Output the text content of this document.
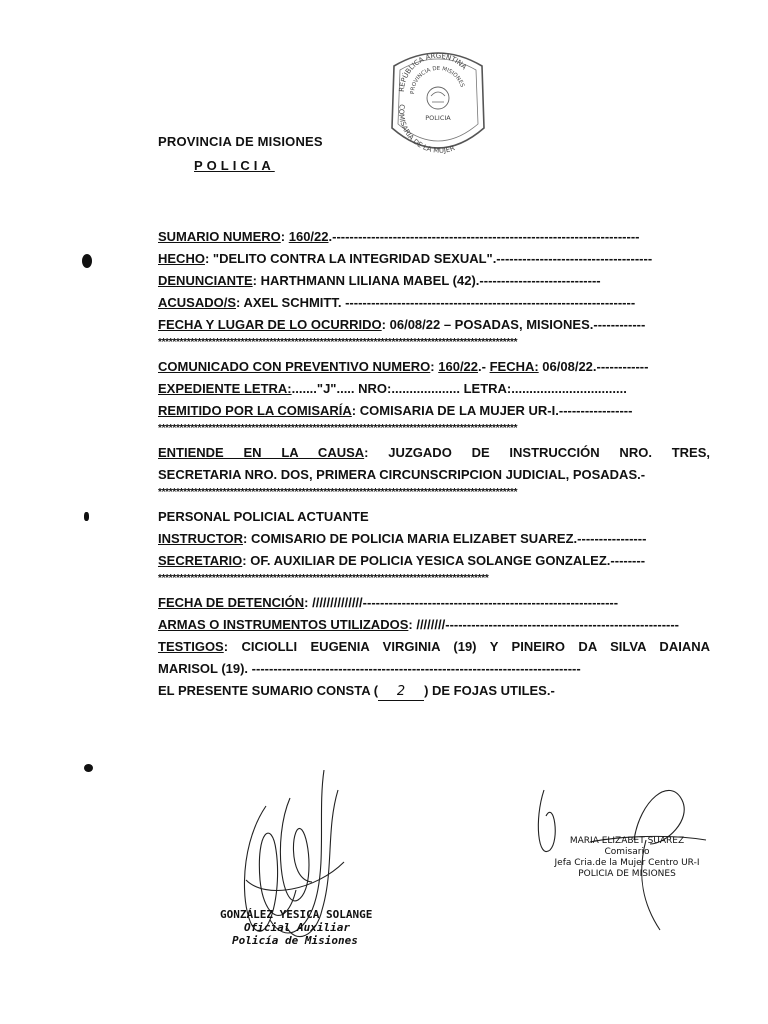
REPÚBLICA ARGENTINA
PROVINCIA DE MISIONES
POLICIA
COMISARIA DE LA MUJER
PROVINCIA DE MISIONES
POLICIA
SUMARIO NUMERO: 160/22.-----------------------------------------------------------------------
HECHO: "DELITO CONTRA LA INTEGRIDAD SEXUAL".------------------------------------
DENUNCIANTE: HARTHMANN LILIANA MABEL (42).----------------------------
ACUSADO/S: AXEL SCHMITT. -------------------------------------------------------------------
FECHA Y LUGAR DE LO OCURRIDO: 06/08/22 – POSADAS, MISIONES.------------
****************************************************************************************************
COMUNICADO CON PREVENTIVO NUMERO: 160/22.- FECHA: 06/08/22.------------
EXPEDIENTE LETRA:......."J"..... NRO:................... LETRA:................................
REMITIDO POR LA COMISARÍA: COMISARIA DE LA MUJER UR-I.-----------------
****************************************************************************************************
ENTIENDE EN LA CAUSA: JUZGADO DE INSTRUCCIÓN NRO. TRES,
SECRETARIA NRO. DOS, PRIMERA CIRCUNSCRIPCION JUDICIAL, POSADAS.-
****************************************************************************************************
PERSONAL POLICIAL ACTUANTE
INSTRUCTOR: COMISARIO DE POLICIA MARIA ELIZABET SUAREZ.----------------
SECRETARIO: OF. AUXILIAR DE POLICIA YESICA SOLANGE GONZALEZ.--------
********************************************************************************************
FECHA DE DETENCIÓN: //////////////-----------------------------------------------------------
ARMAS O INSTRUMENTOS UTILIZADOS: ////////------------------------------------------------------
TESTIGOS: CICIOLLI EUGENIA VIRGINIA (19) Y PINEIRO DA SILVA DAIANA
MARISOL (19). ----------------------------------------------------------------------------
EL PRESENTE SUMARIO CONSTA ( 2 ) DE FOJAS UTILES.-
GONZÁLEZ YESICA SOLANGE
Oficial Auxiliar
Policía de Misiones
MARIA ELIZABET SUAREZ
Comisario
Jefa Cria.de la Mujer Centro UR-I
POLICIA DE MISIONES
